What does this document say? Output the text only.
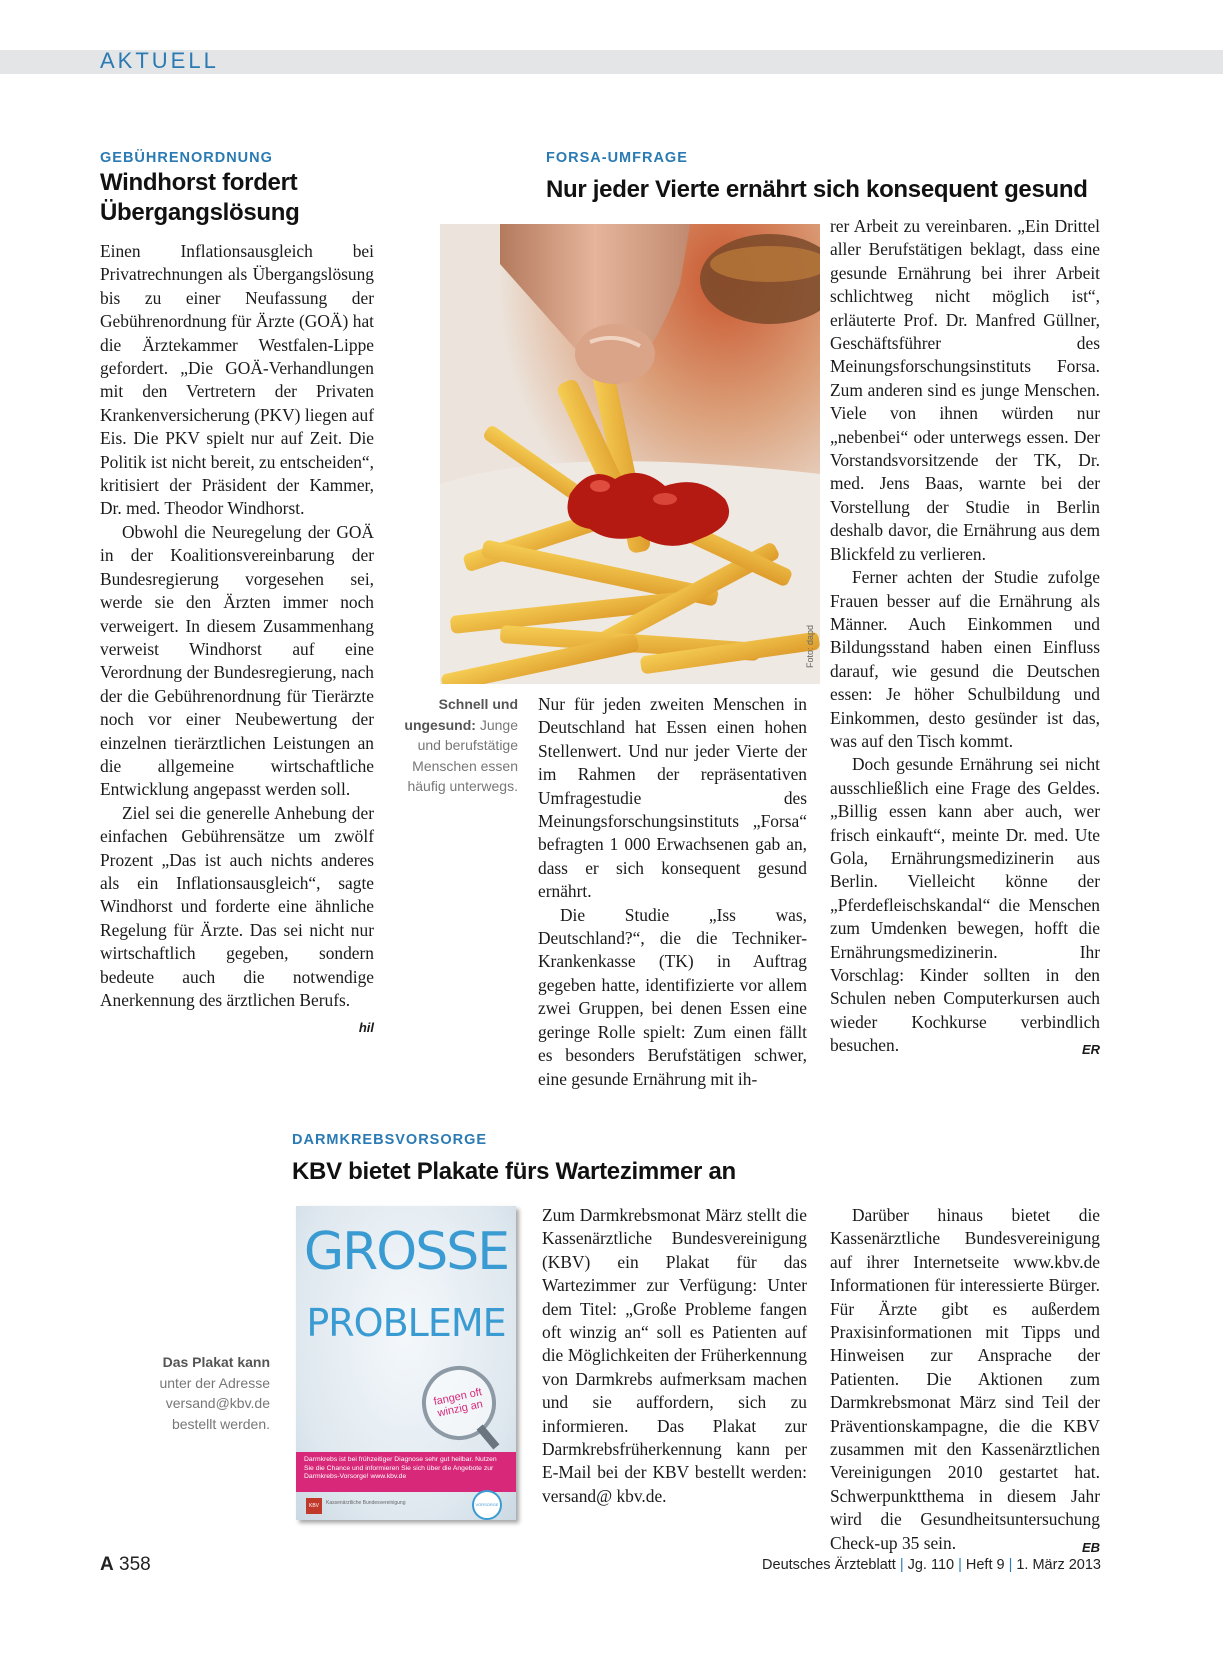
AKTUELL
GEBÜHRENORDNUNG
Windhorst fordert Übergangslösung

Einen Inflationsausgleich bei Privatrechnungen als Übergangslösung bis zu einer Neufassung der Gebührenordnung für Ärzte (GOÄ) hat die Ärztekammer Westfalen-Lippe gefordert. „Die GOÄ-Verhandlungen mit den Vertretern der Privaten Krankenversicherung (PKV) liegen auf Eis. Die PKV spielt nur auf Zeit. Die Politik ist nicht bereit, zu entscheiden“, kritisiert der Präsident der Kammer, Dr. med. Theodor Windhorst.

Obwohl die Neuregelung der GOÄ in der Koalitionsvereinbarung der Bundesregierung vorgesehen sei, werde sie den Ärzten immer noch verweigert. In diesem Zusammenhang verweist Windhorst auf eine Verordnung der Bundesregierung, nach der die Gebührenordnung für Tierärzte noch vor einer Neubewertung der einzelnen tierärztlichen Leistungen an die allgemeine wirtschaftliche Entwicklung angepasst werden soll.

Ziel sei die generelle Anhebung der einfachen Gebührensätze um zwölf Prozent „Das ist auch nichts anderes als ein Inflationsausgleich“, sagte Windhorst und forderte eine ähnliche Regelung für Ärzte. Das sei nicht nur wirtschaftlich gegeben, sondern bedeute auch die notwendige Anerkennung des ärztlichen Berufs.
hil

FORSA-UMFRAGE
Nur jeder Vierte ernährt sich konsequent gesund
Foto: dapd
Schnell und ungesund: Junge und berufstätige Menschen essen häufig unterwegs.

Nur für jeden zweiten Menschen in Deutschland hat Essen einen hohen Stellenwert. Und nur jeder Vierte der im Rahmen der repräsentativen Umfragestudie des Meinungsforschungsinstituts „Forsa“ befragten 1 000 Erwachsenen gab an, dass er sich konsequent gesund ernährt.

Die Studie „Iss was, Deutschland?“, die die Techniker-Krankenkasse (TK) in Auftrag gegeben hatte, identifizierte vor allem zwei Gruppen, bei denen Essen eine geringe Rolle spielt: Zum einen fällt es besonders Berufstätigen schwer, eine gesunde Ernährung mit ih-

rer Arbeit zu vereinbaren. „Ein Drittel aller Berufstätigen beklagt, dass eine gesunde Ernährung bei ihrer Arbeit schlichtweg nicht möglich ist“, erläuterte Prof. Dr. Manfred Güllner, Geschäftsführer des Meinungsforschungsinstituts Forsa. Zum anderen sind es junge Menschen. Viele von ihnen würden nur „nebenbei“ oder unterwegs essen. Der Vorstandsvorsitzende der TK, Dr. med. Jens Baas, warnte bei der Vorstellung der Studie in Berlin deshalb davor, die Ernährung aus dem Blickfeld zu verlieren.

Ferner achten der Studie zufolge Frauen besser auf die Ernährung als Männer. Auch Einkommen und Bildungsstand haben einen Einfluss darauf, wie gesund die Deutschen essen: Je höher Schulbildung und Einkommen, desto gesünder ist das, was auf den Tisch kommt.

Doch gesunde Ernährung sei nicht ausschließlich eine Frage des Geldes. „Billig essen kann aber auch, wer frisch einkauft“, meinte Dr. med. Ute Gola, Ernährungsmedizinerin aus Berlin. Vielleicht könne der „Pferdefleischskandal“ die Menschen zum Umdenken bewegen, hofft die Ernährungsmedizinerin. Ihr Vorschlag: Kinder sollten in den Schulen neben Computerkursen auch wieder Kochkurse verbindlich besuchen.	ER

DARMKREBSVORSORGE
KBV bietet Plakate fürs Wartezimmer an
Das Plakat kann
unter der Adresse versand@kbv.de bestellt werden.
GROSSE
PROBLEME
fangen oft winzig an
Darmkrebs ist bei frühzeitiger Diagnose sehr gut heilbar. Nutzen Sie die Chance und informieren Sie sich über die Angebote zur Darmkrebs-Vorsorge! www.kbv.de
KBV	Kassenärztliche Bundesvereinigung	VORSORGE

Zum Darmkrebsmonat März stellt die Kassenärztliche Bundesvereinigung (KBV) ein Plakat für das Wartezimmer zur Verfügung: Unter dem Titel: „Große Probleme fangen oft winzig an“ soll es Patienten auf die Möglichkeiten der Früherkennung von Darmkrebs aufmerksam machen und sie auffordern, sich zu informieren. Das Plakat zur Darmkrebsfrüherkennung kann per E-Mail bei der KBV bestellt werden: versand@ kbv.de.

Darüber hinaus bietet die Kassenärztliche Bundesvereinigung auf ihrer Internetseite www.kbv.de Informationen für interessierte Bürger. Für Ärzte gibt es außerdem Praxisinformationen mit Tipps und Hinweisen zur Ansprache der Patienten. Die Aktionen zum Darmkrebsmonat März sind Teil der Präventionskampagne, die die KBV zusammen mit den Kassenärztlichen Vereinigungen 2010 gestartet hat. Schwerpunktthema in diesem Jahr wird die Gesundheitsuntersuchung Check-up 35 sein.	EB

A 358	Deutsches Ärzteblatt | Jg. 110 | Heft 9 | 1. März 2013
